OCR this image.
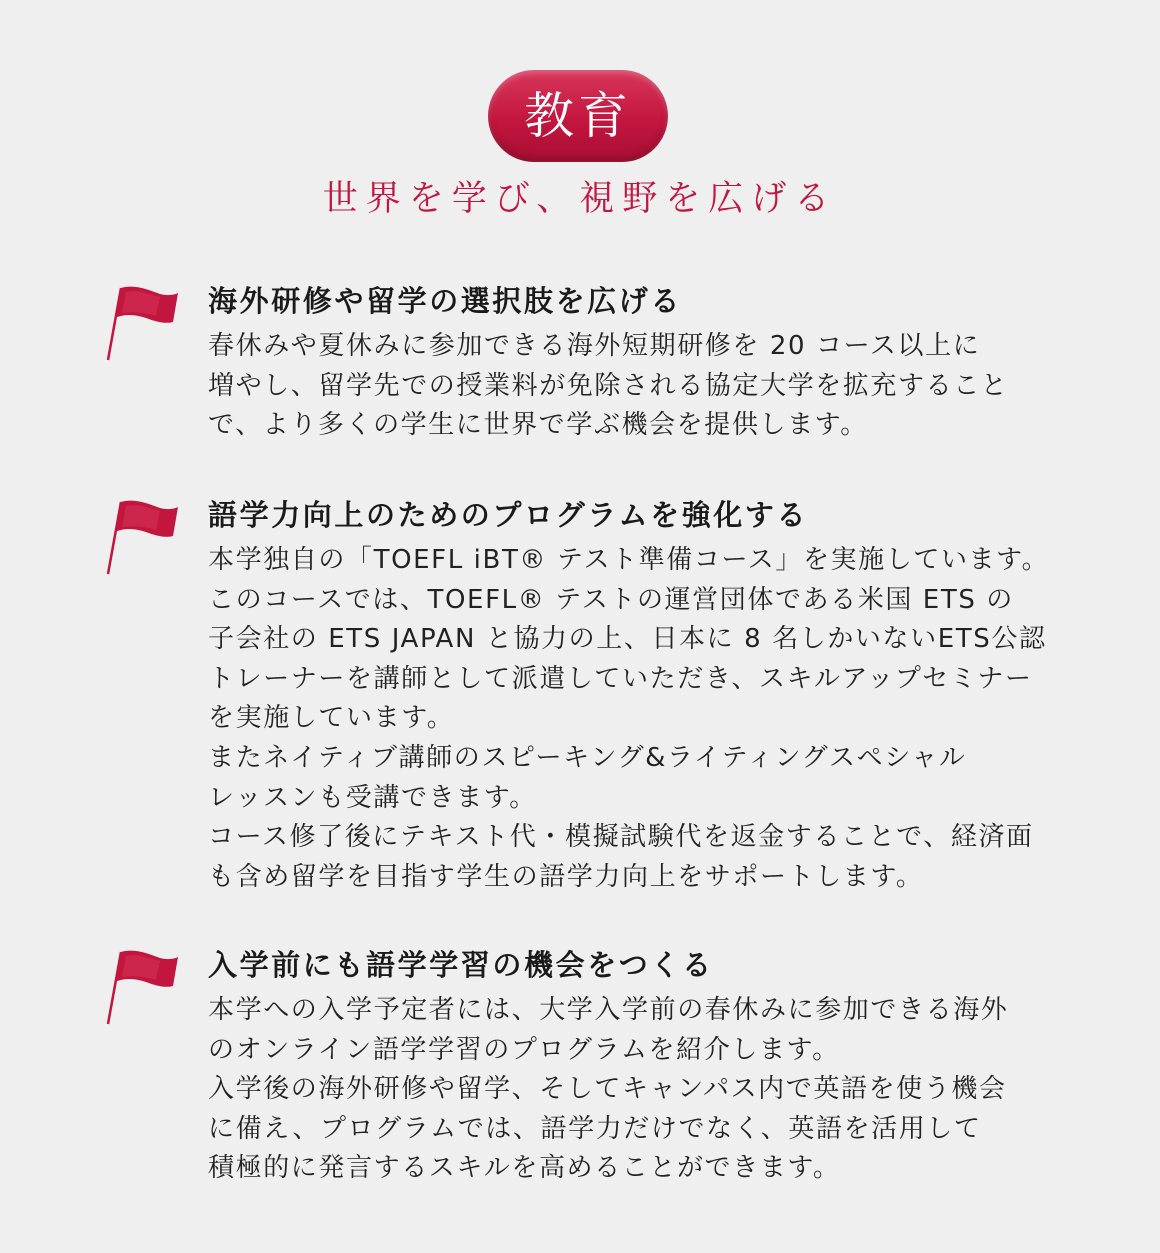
教育
世界を学び、視野を広げる
海外研修や留学の選択肢を広げる
春休みや夏休みに参加できる海外短期研修を 20 コース以上に
増やし、留学先での授業料が免除される協定大学を拡充すること
で、より多くの学生に世界で学ぶ機会を提供します。
語学力向上のためのプログラムを強化する
本学独自の「TOEFL iBT® テスト準備コース」を実施しています。
このコースでは、TOEFL® テストの運営団体である米国 ETS の
子会社の ETS JAPAN と協力の上、日本に 8 名しかいないETS公認
トレーナーを講師として派遣していただき、スキルアップセミナー
を実施しています。
またネイティブ講師のスピーキング&ライティングスペシャル
レッスンも受講できます。
コース修了後にテキスト代・模擬試験代を返金することで、経済面
も含め留学を目指す学生の語学力向上をサポートします。
入学前にも語学学習の機会をつくる
本学への入学予定者には、大学入学前の春休みに参加できる海外
のオンライン語学学習のプログラムを紹介します。
入学後の海外研修や留学、そしてキャンパス内で英語を使う機会
に備え、プログラムでは、語学力だけでなく、英語を活用して
積極的に発言するスキルを高めることができます。
